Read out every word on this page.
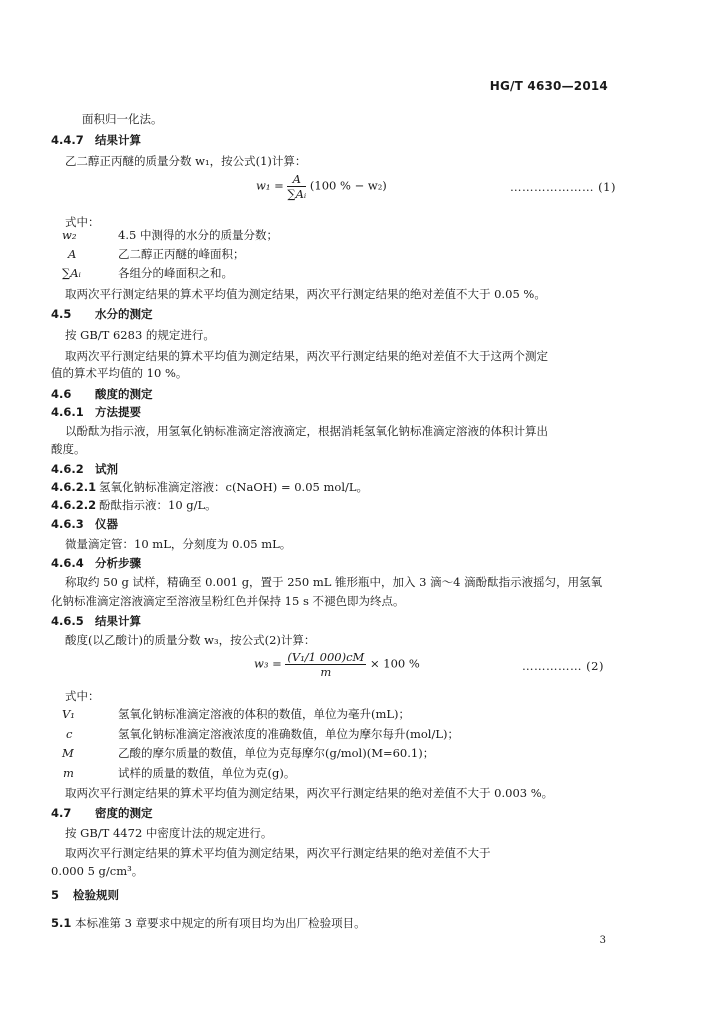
HG/T 4630—2014
面积归一化法。
4.4.7 结果计算
乙二醇正丙醚的质量分数 w₁，按公式(1)计算：
$w_1 = \frac{A}{\text{∑Aᵢ}} (100$ % − w₂)	………………… (1)
式中：
w₂	4.5 中测得的水分的质量分数；
A	乙二醇正丙醚的峰面积；
∑Aᵢ	各组分的峰面积之和。
取两次平行测定结果的算术平均值为测定结果，两次平行测定结果的绝对差值不大于 0.05 %。
4.5 水分的测定
按 GB/T 6283 的规定进行。
取两次平行测定结果的算术平均值为测定结果，两次平行测定结果的绝对差值不大于这两个测定
值的算术平均值的 10 %。
4.6 酸度的测定
4.6.1 方法提要
以酚酞为指示液，用氢氧化钠标准滴定溶液滴定，根据消耗氢氧化钠标准滴定溶液的体积计算出
酸度。
4.6.2 试剂
4.6.2.1 氢氧化钠标准滴定溶液：c(NaOH) = 0.05 mol/L。
4.6.2.2 酚酞指示液：10 g/L。
4.6.3 仪器
微量滴定管：10 mL，分刻度为 0.05 mL。
4.6.4 分析步骤
称取约 50 g 试样，精确至 0.001 g，置于 250 mL 锥形瓶中，加入 3 滴～4 滴酚酞指示液摇匀，用氢氧
化钠标准滴定溶液滴定至溶液呈粉红色并保持 15 s 不褪色即为终点。
4.6.5 结果计算
酸度(以乙酸计)的质量分数 w₃，按公式(2)计算：
$w_3 = \frac{\text{(V₁/1 000)cM}}{m} \times 100$ %	…………… (2)
式中：
V₁	氢氧化钠标准滴定溶液的体积的数值，单位为毫升(mL)；
c	氢氧化钠标准滴定溶液浓度的准确数值，单位为摩尔每升(mol/L)；
M	乙酸的摩尔质量的数值，单位为克每摩尔(g/mol)(M=60.1)；
m	试样的质量的数值，单位为克(g)。
取两次平行测定结果的算术平均值为测定结果，两次平行测定结果的绝对差值不大于 0.003 %。
4.7 密度的测定
按 GB/T 4472 中密度计法的规定进行。
取两次平行测定结果的算术平均值为测定结果，两次平行测定结果的绝对差值不大于
0.000 5 g/cm³。
5 检验规则
5.1 本标准第 3 章要求中规定的所有项目均为出厂检验项目。
3
